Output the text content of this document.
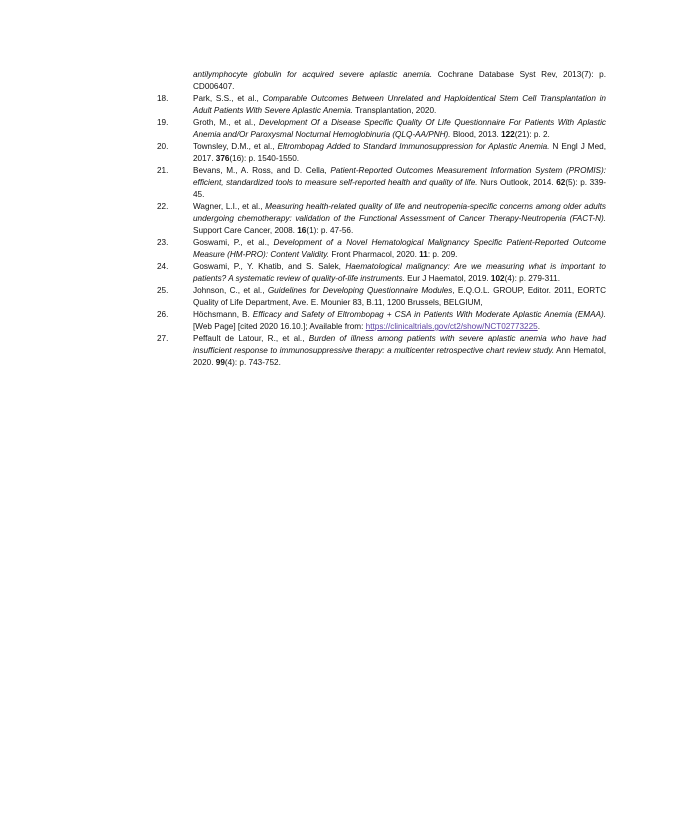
antilymphocyte globulin for acquired severe aplastic anemia. Cochrane Database Syst Rev, 2013(7): p. CD006407.
18.	Park, S.S., et al., Comparable Outcomes Between Unrelated and Haploidentical Stem Cell Transplantation in Adult Patients With Severe Aplastic Anemia. Transplantation, 2020.
19.	Groth, M., et al., Development Of a Disease Specific Quality Of Life Questionnaire For Patients With Aplastic Anemia and/Or Paroxysmal Nocturnal Hemoglobinuria (QLQ-AA/PNH). Blood, 2013. 122(21): p. 2.
20.	Townsley, D.M., et al., Eltrombopag Added to Standard Immunosuppression for Aplastic Anemia. N Engl J Med, 2017. 376(16): p. 1540-1550.
21.	Bevans, M., A. Ross, and D. Cella, Patient-Reported Outcomes Measurement Information System (PROMIS): efficient, standardized tools to measure self-reported health and quality of life. Nurs Outlook, 2014. 62(5): p. 339-45.
22.	Wagner, L.I., et al., Measuring health-related quality of life and neutropenia-specific concerns among older adults undergoing chemotherapy: validation of the Functional Assessment of Cancer Therapy-Neutropenia (FACT-N). Support Care Cancer, 2008. 16(1): p. 47-56.
23.	Goswami, P., et al., Development of a Novel Hematological Malignancy Specific Patient-Reported Outcome Measure (HM-PRO): Content Validity. Front Pharmacol, 2020. 11: p. 209.
24.	Goswami, P., Y. Khatib, and S. Salek, Haematological malignancy: Are we measuring what is important to patients? A systematic review of quality-of-life instruments. Eur J Haematol, 2019. 102(4): p. 279-311.
25.	Johnson, C., et al., Guidelines for Developing Questionnaire Modules, E.Q.O.L. GROUP, Editor. 2011, EORTC Quality of Life Department, Ave. E. Mounier 83, B.11, 1200 Brussels, BELGIUM,
26.	Höchsmann, B. Efficacy and Safety of Eltrombopag + CSA in Patients With Moderate Aplastic Anemia (EMAA). [Web Page] [cited 2020 16.10.]; Available from: https://clinicaltrials.gov/ct2/show/NCT02773225.
27.	Peffault de Latour, R., et al., Burden of illness among patients with severe aplastic anemia who have had insufficient response to immunosuppressive therapy: a multicenter retrospective chart review study. Ann Hematol, 2020. 99(4): p. 743-752.
